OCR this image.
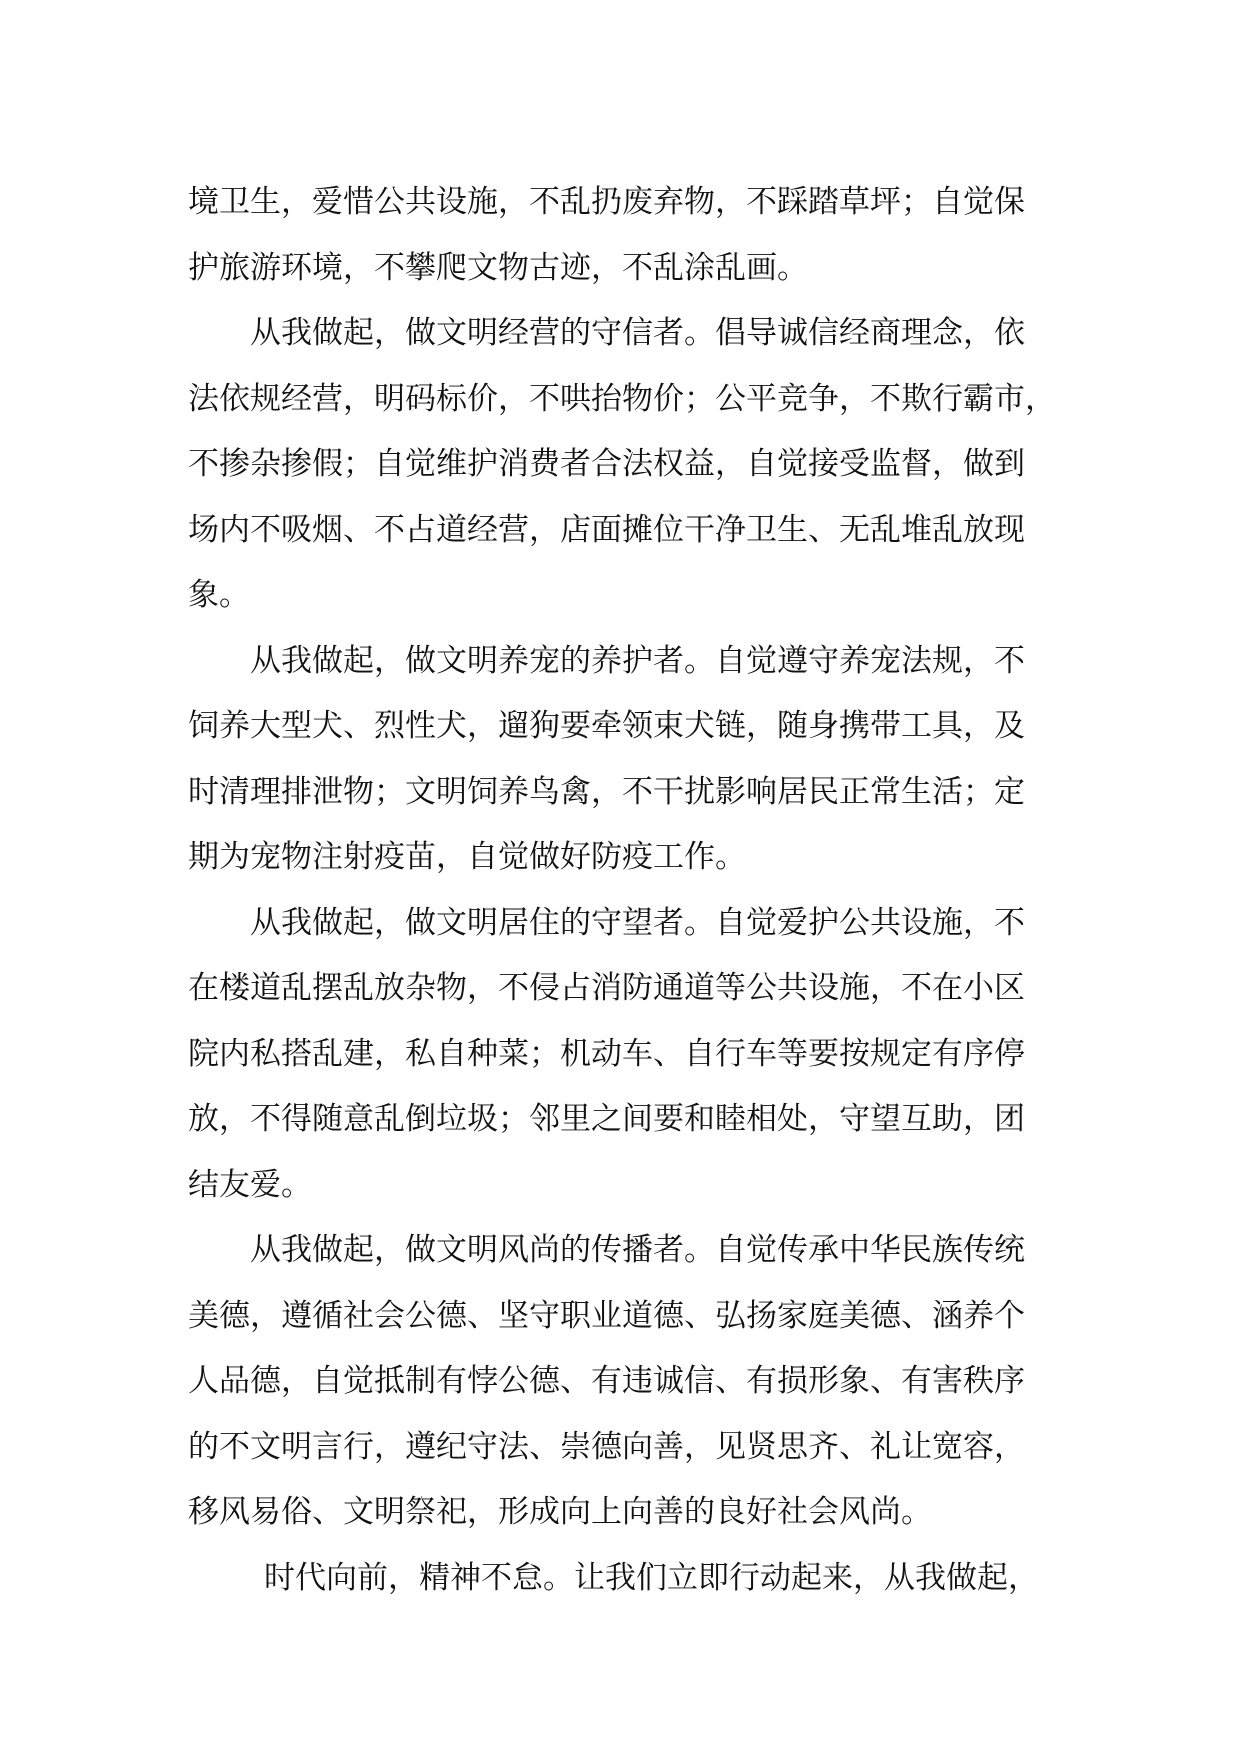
境卫生，爱惜公共设施，不乱扔废弃物，不踩踏草坪；自觉保
护旅游环境，不攀爬文物古迹，不乱涂乱画。
从我做起，做文明经营的守信者。倡导诚信经商理念，依
法依规经营，明码标价，不哄抬物价；公平竞争，不欺行霸市，
不掺杂掺假；自觉维护消费者合法权益，自觉接受监督，做到
场内不吸烟、不占道经营，店面摊位干净卫生、无乱堆乱放现
象。
从我做起，做文明养宠的养护者。自觉遵守养宠法规，不
饲养大型犬、烈性犬，遛狗要牵领束犬链，随身携带工具，及
时清理排泄物；文明饲养鸟禽，不干扰影响居民正常生活；定
期为宠物注射疫苗，自觉做好防疫工作。
从我做起，做文明居住的守望者。自觉爱护公共设施，不
在楼道乱摆乱放杂物，不侵占消防通道等公共设施，不在小区
院内私搭乱建，私自种菜；机动车、自行车等要按规定有序停
放，不得随意乱倒垃圾；邻里之间要和睦相处，守望互助，团
结友爱。
从我做起，做文明风尚的传播者。自觉传承中华民族传统
美德，遵循社会公德、坚守职业道德、弘扬家庭美德、涵养个
人品德，自觉抵制有悖公德、有违诚信、有损形象、有害秩序
的不文明言行，遵纪守法、崇德向善，见贤思齐、礼让宽容，
移风易俗、文明祭祀，形成向上向善的良好社会风尚。
时代向前，精神不怠。让我们立即行动起来，从我做起，
